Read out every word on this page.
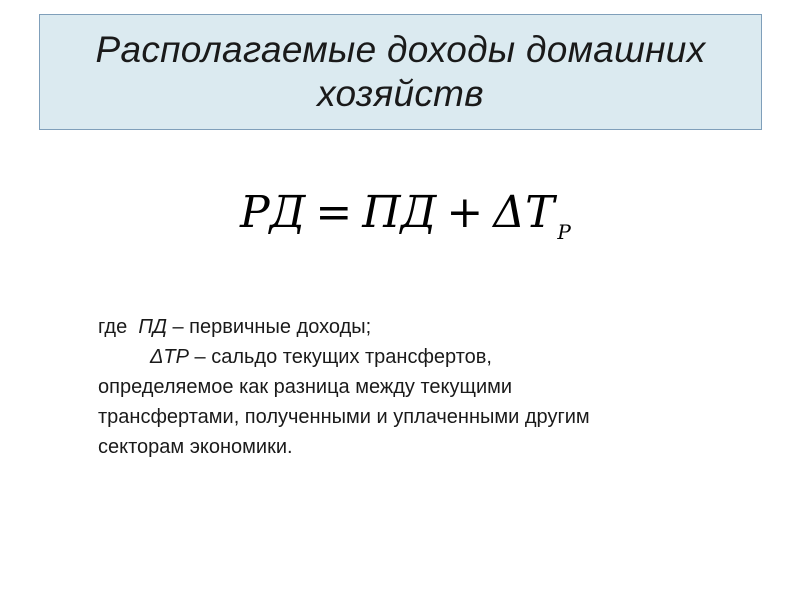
Располагаемые доходы домашних
хозяйств
РД = ПД + ΔT P
где ПД – первичные доходы;
ΔТР – сальдо текущих трансфертов,
определяемое как разница между текущими
трансфертами, полученными и уплаченными другим
секторам экономики.
